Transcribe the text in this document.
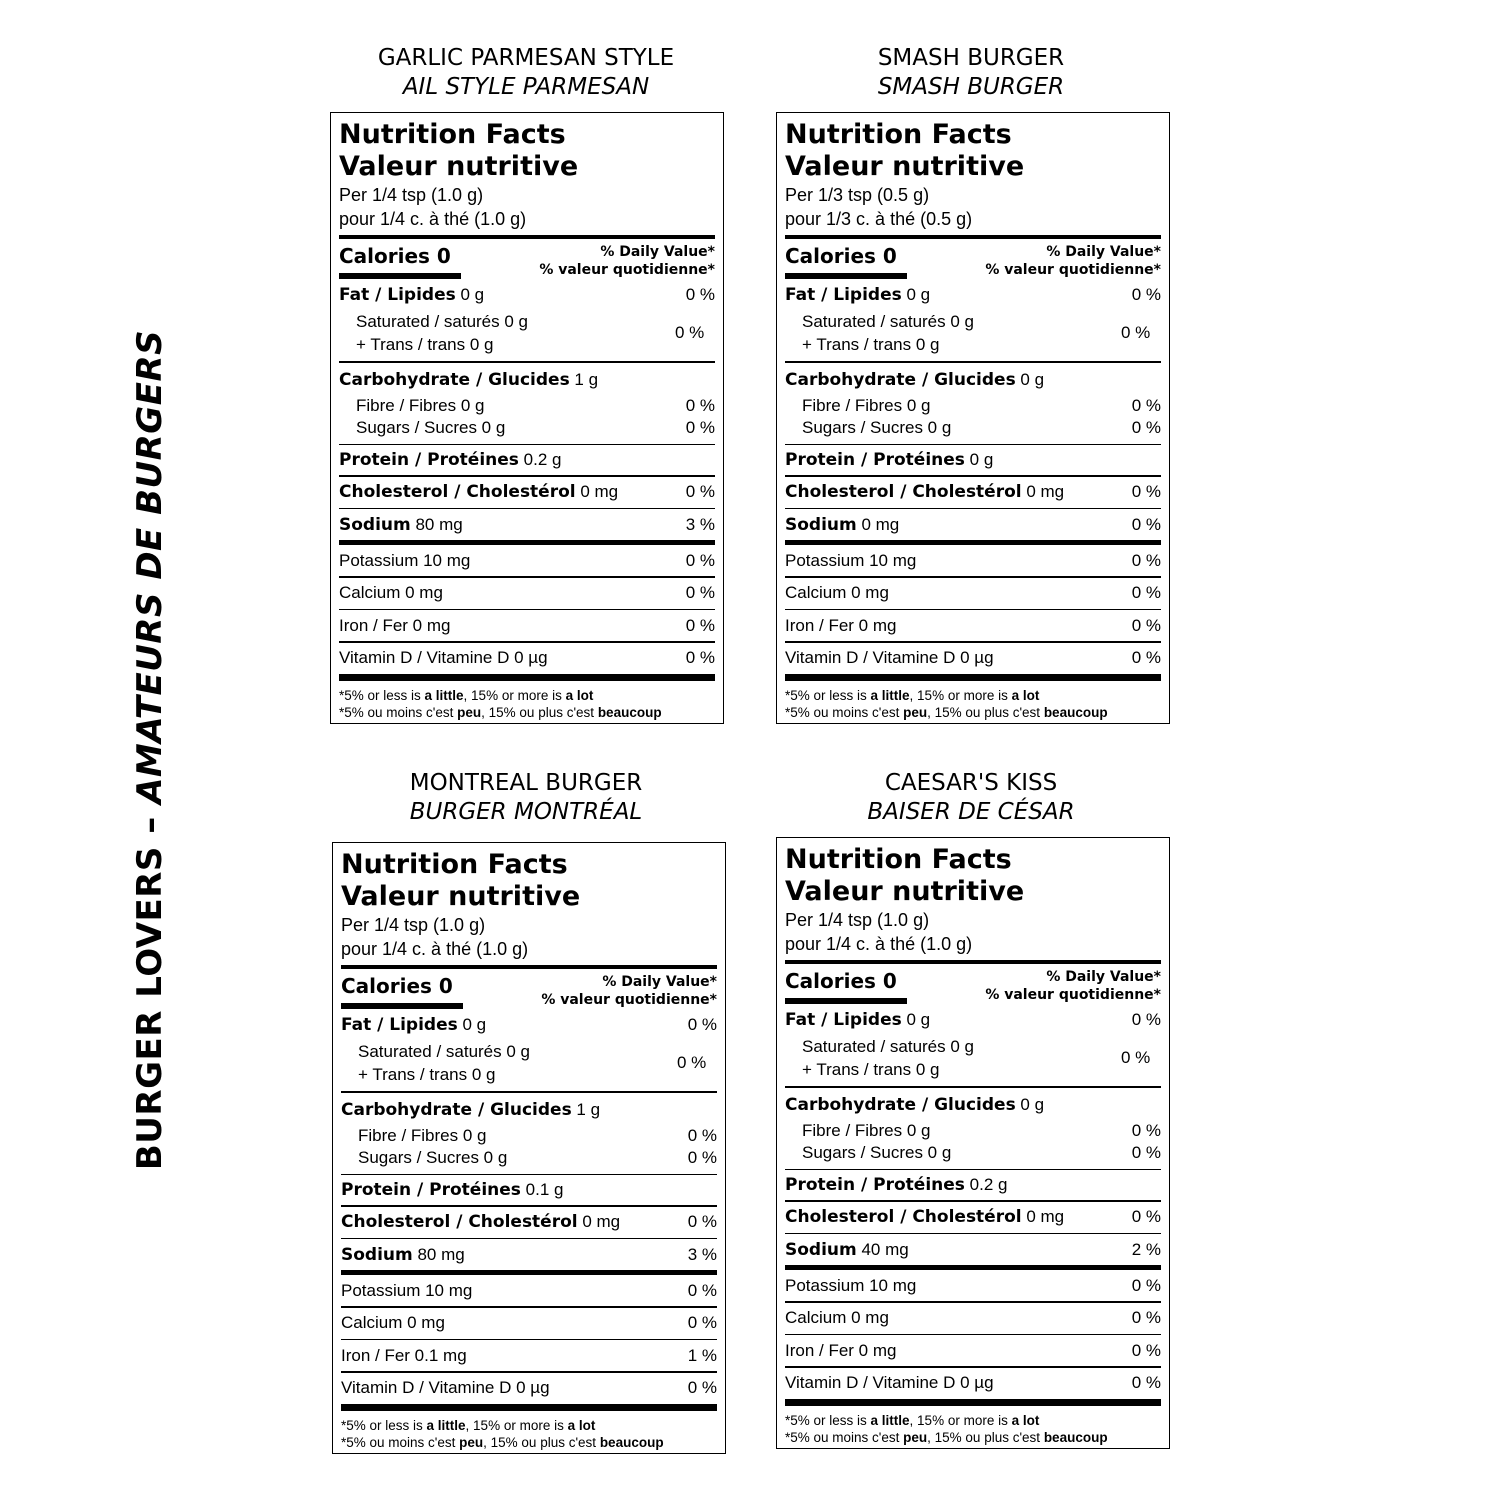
BURGER LOVERS – AMATEURS DE BURGERS
GARLIC PARMESAN STYLE
AIL STYLE PARMESAN
Nutrition Facts
Valeur nutritive
Per 1/4 tsp (1.0 g)
pour 1/4 c. à thé (1.0 g)
Calories 0	% Daily Value*
% valeur quotidienne*
Fat / Lipides 0 g	0 %
Saturated / saturés 0 g
+ Trans / trans 0 g
0 %
Carbohydrate / Glucides 1 g
Fibre / Fibres 0 g	0 %
Sugars / Sucres 0 g	0 %
Protein / Protéines 0.2 g
Cholesterol / Cholestérol 0 mg	0 %
Sodium 80 mg	3 %
Potassium 10 mg	0 %
Calcium 0 mg	0 %
Iron / Fer 0 mg	0 %
Vitamin D / Vitamine D 0 µg	0 %
*5% or less is a little, 15% or more is a lot
*5% ou moins c'est peu, 15% ou plus c'est beaucoup
SMASH BURGER
SMASH BURGER
Nutrition Facts
Valeur nutritive
Per 1/3 tsp (0.5 g)
pour 1/3 c. à thé (0.5 g)
Calories 0	% Daily Value*
% valeur quotidienne*
Fat / Lipides 0 g	0 %
Saturated / saturés 0 g
+ Trans / trans 0 g
0 %
Carbohydrate / Glucides 0 g
Fibre / Fibres 0 g	0 %
Sugars / Sucres 0 g	0 %
Protein / Protéines 0 g
Cholesterol / Cholestérol 0 mg	0 %
Sodium 0 mg	0 %
Potassium 10 mg	0 %
Calcium 0 mg	0 %
Iron / Fer 0 mg	0 %
Vitamin D / Vitamine D 0 µg	0 %
*5% or less is a little, 15% or more is a lot
*5% ou moins c'est peu, 15% ou plus c'est beaucoup
MONTREAL BURGER
BURGER MONTRÉAL
Nutrition Facts
Valeur nutritive
Per 1/4 tsp (1.0 g)
pour 1/4 c. à thé (1.0 g)
Calories 0	% Daily Value*
% valeur quotidienne*
Fat / Lipides 0 g	0 %
Saturated / saturés 0 g
+ Trans / trans 0 g
0 %
Carbohydrate / Glucides 1 g
Fibre / Fibres 0 g	0 %
Sugars / Sucres 0 g	0 %
Protein / Protéines 0.1 g
Cholesterol / Cholestérol 0 mg	0 %
Sodium 80 mg	3 %
Potassium 10 mg	0 %
Calcium 0 mg	0 %
Iron / Fer 0.1 mg	1 %
Vitamin D / Vitamine D 0 µg	0 %
*5% or less is a little, 15% or more is a lot
*5% ou moins c'est peu, 15% ou plus c'est beaucoup
CAESAR'S KISS
BAISER DE CÉSAR
Nutrition Facts
Valeur nutritive
Per 1/4 tsp (1.0 g)
pour 1/4 c. à thé (1.0 g)
Calories 0	% Daily Value*
% valeur quotidienne*
Fat / Lipides 0 g	0 %
Saturated / saturés 0 g
+ Trans / trans 0 g
0 %
Carbohydrate / Glucides 0 g
Fibre / Fibres 0 g	0 %
Sugars / Sucres 0 g	0 %
Protein / Protéines 0.2 g
Cholesterol / Cholestérol 0 mg	0 %
Sodium 40 mg	2 %
Potassium 10 mg	0 %
Calcium 0 mg	0 %
Iron / Fer 0 mg	0 %
Vitamin D / Vitamine D 0 µg	0 %
*5% or less is a little, 15% or more is a lot
*5% ou moins c'est peu, 15% ou plus c'est beaucoup
